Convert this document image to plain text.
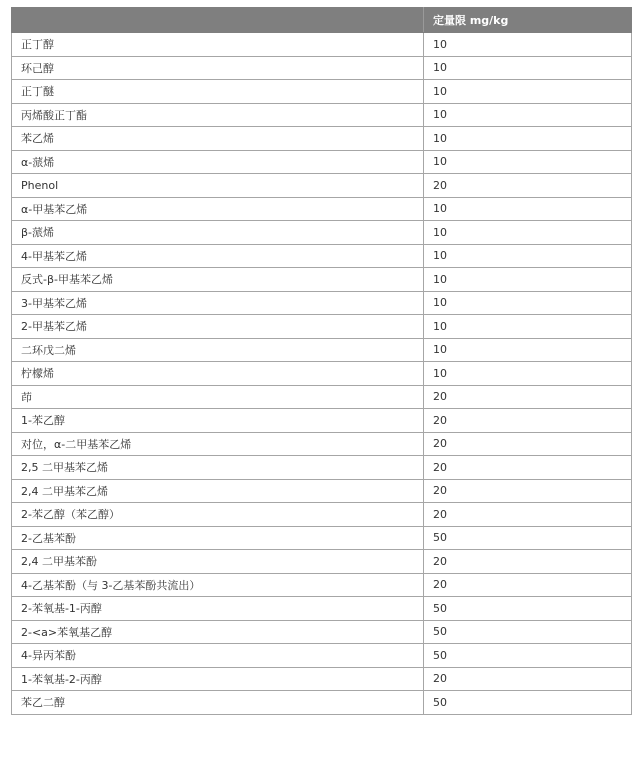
	定量限 mg/kg
正丁醇	10
环己醇	10
正丁醚	10
丙烯酸正丁酯	10
苯乙烯	10
α-蒎烯	10
Phenol	20
α-甲基苯乙烯	10
β-蒎烯	10
4-甲基苯乙烯	10
反式-β-甲基苯乙烯	10
3-甲基苯乙烯	10
2-甲基苯乙烯	10
二环戊二烯	10
柠檬烯	10
茚	20
1-苯乙醇	20
对位，α-二甲基苯乙烯	20
2,5 二甲基苯乙烯	20
2,4 二甲基苯乙烯	20
2-苯乙醇（苯乙醇）	20
2-乙基苯酚	50
2,4 二甲基苯酚	20
4-乙基苯酚（与 3-乙基苯酚共流出）	20
2-苯氧基-1-丙醇	50
2-<a>苯氧基乙醇	50
4-异丙苯酚	50
1-苯氧基-2-丙醇	20
苯乙二醇	50
